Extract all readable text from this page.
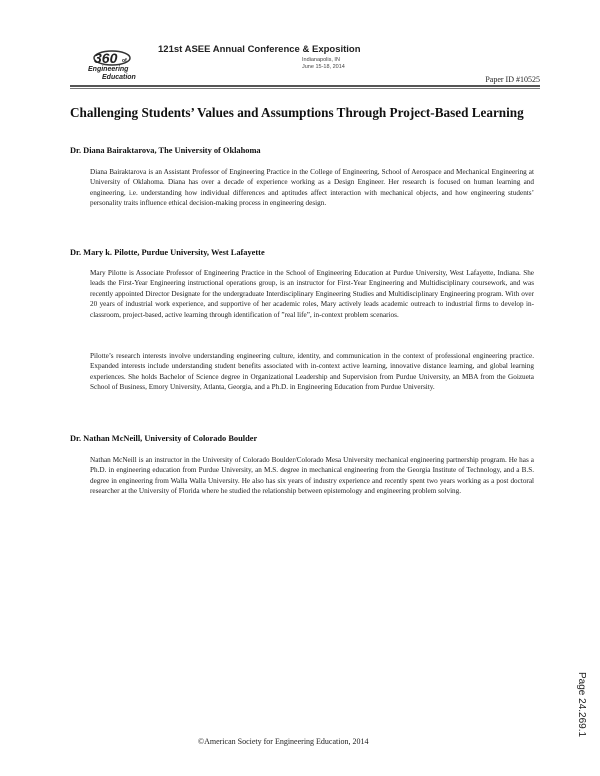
360 of
Engineering
Education
121st ASEE Annual Conference & Exposition
Indianapolis, IN
June 15-18, 2014
Paper ID #10525
Challenging Students’ Values and Assumptions Through Project-Based Learning
Dr. Diana Bairaktarova, The University of Oklahoma

Diana Bairaktarova is an Assistant Professor of Engineering Practice in the College of Engineering, School of Aerospace and Mechanical Engineering at University of Oklahoma. Diana has over a decade of experience working as a Design Engineer. Her research is focused on human learning and engineering, i.e. understanding how individual differences and aptitudes affect interaction with mechanical objects, and how engineering students’ personality traits influence ethical decision-making process in engineering design.

Dr. Mary k. Pilotte, Purdue University, West Lafayette

Mary Pilotte is Associate Professor of Engineering Practice in the School of Engineering Education at Purdue University, West Lafayette, Indiana. She leads the First-Year Engineering instructional operations group, is an instructor for First-Year Engineering and Multidisciplinary coursework, and was recently appointed Director Designate for the undergraduate Interdisciplinary Engineering Studies and Multidisciplinary Engineering program. With over 20 years of industrial work experience, and supportive of her academic roles, Mary actively leads academic outreach to industrial firms to develop in-classroom, project-based, active learning through identification of ”real life”, in-context problem scenarios.

Pilotte’s research interests involve understanding engineering culture, identity, and communication in the context of professional engineering practice. Expanded interests include understanding student benefits associated with in-context active learning, innovative distance learning, and global learning experiences. She holds Bachelor of Science degree in Organizational Leadership and Supervision from Purdue University, an MBA from the Goizueta School of Business, Emory University, Atlanta, Georgia, and a Ph.D. in Engineering Education from Purdue University.

Dr. Nathan McNeill, University of Colorado Boulder

Nathan McNeill is an instructor in the University of Colorado Boulder/Colorado Mesa University mechanical engineering partnership program. He has a Ph.D. in engineering education from Purdue University, an M.S. degree in mechanical engineering from the Georgia Institute of Technology, and a B.S. degree in engineering from Walla Walla University. He also has six years of industry experience and recently spent two years working as a post doctoral researcher at the University of Florida where he studied the relationship between epistemology and engineering problem solving.

©American Society for Engineering Education, 2014
Page 24.269.1
